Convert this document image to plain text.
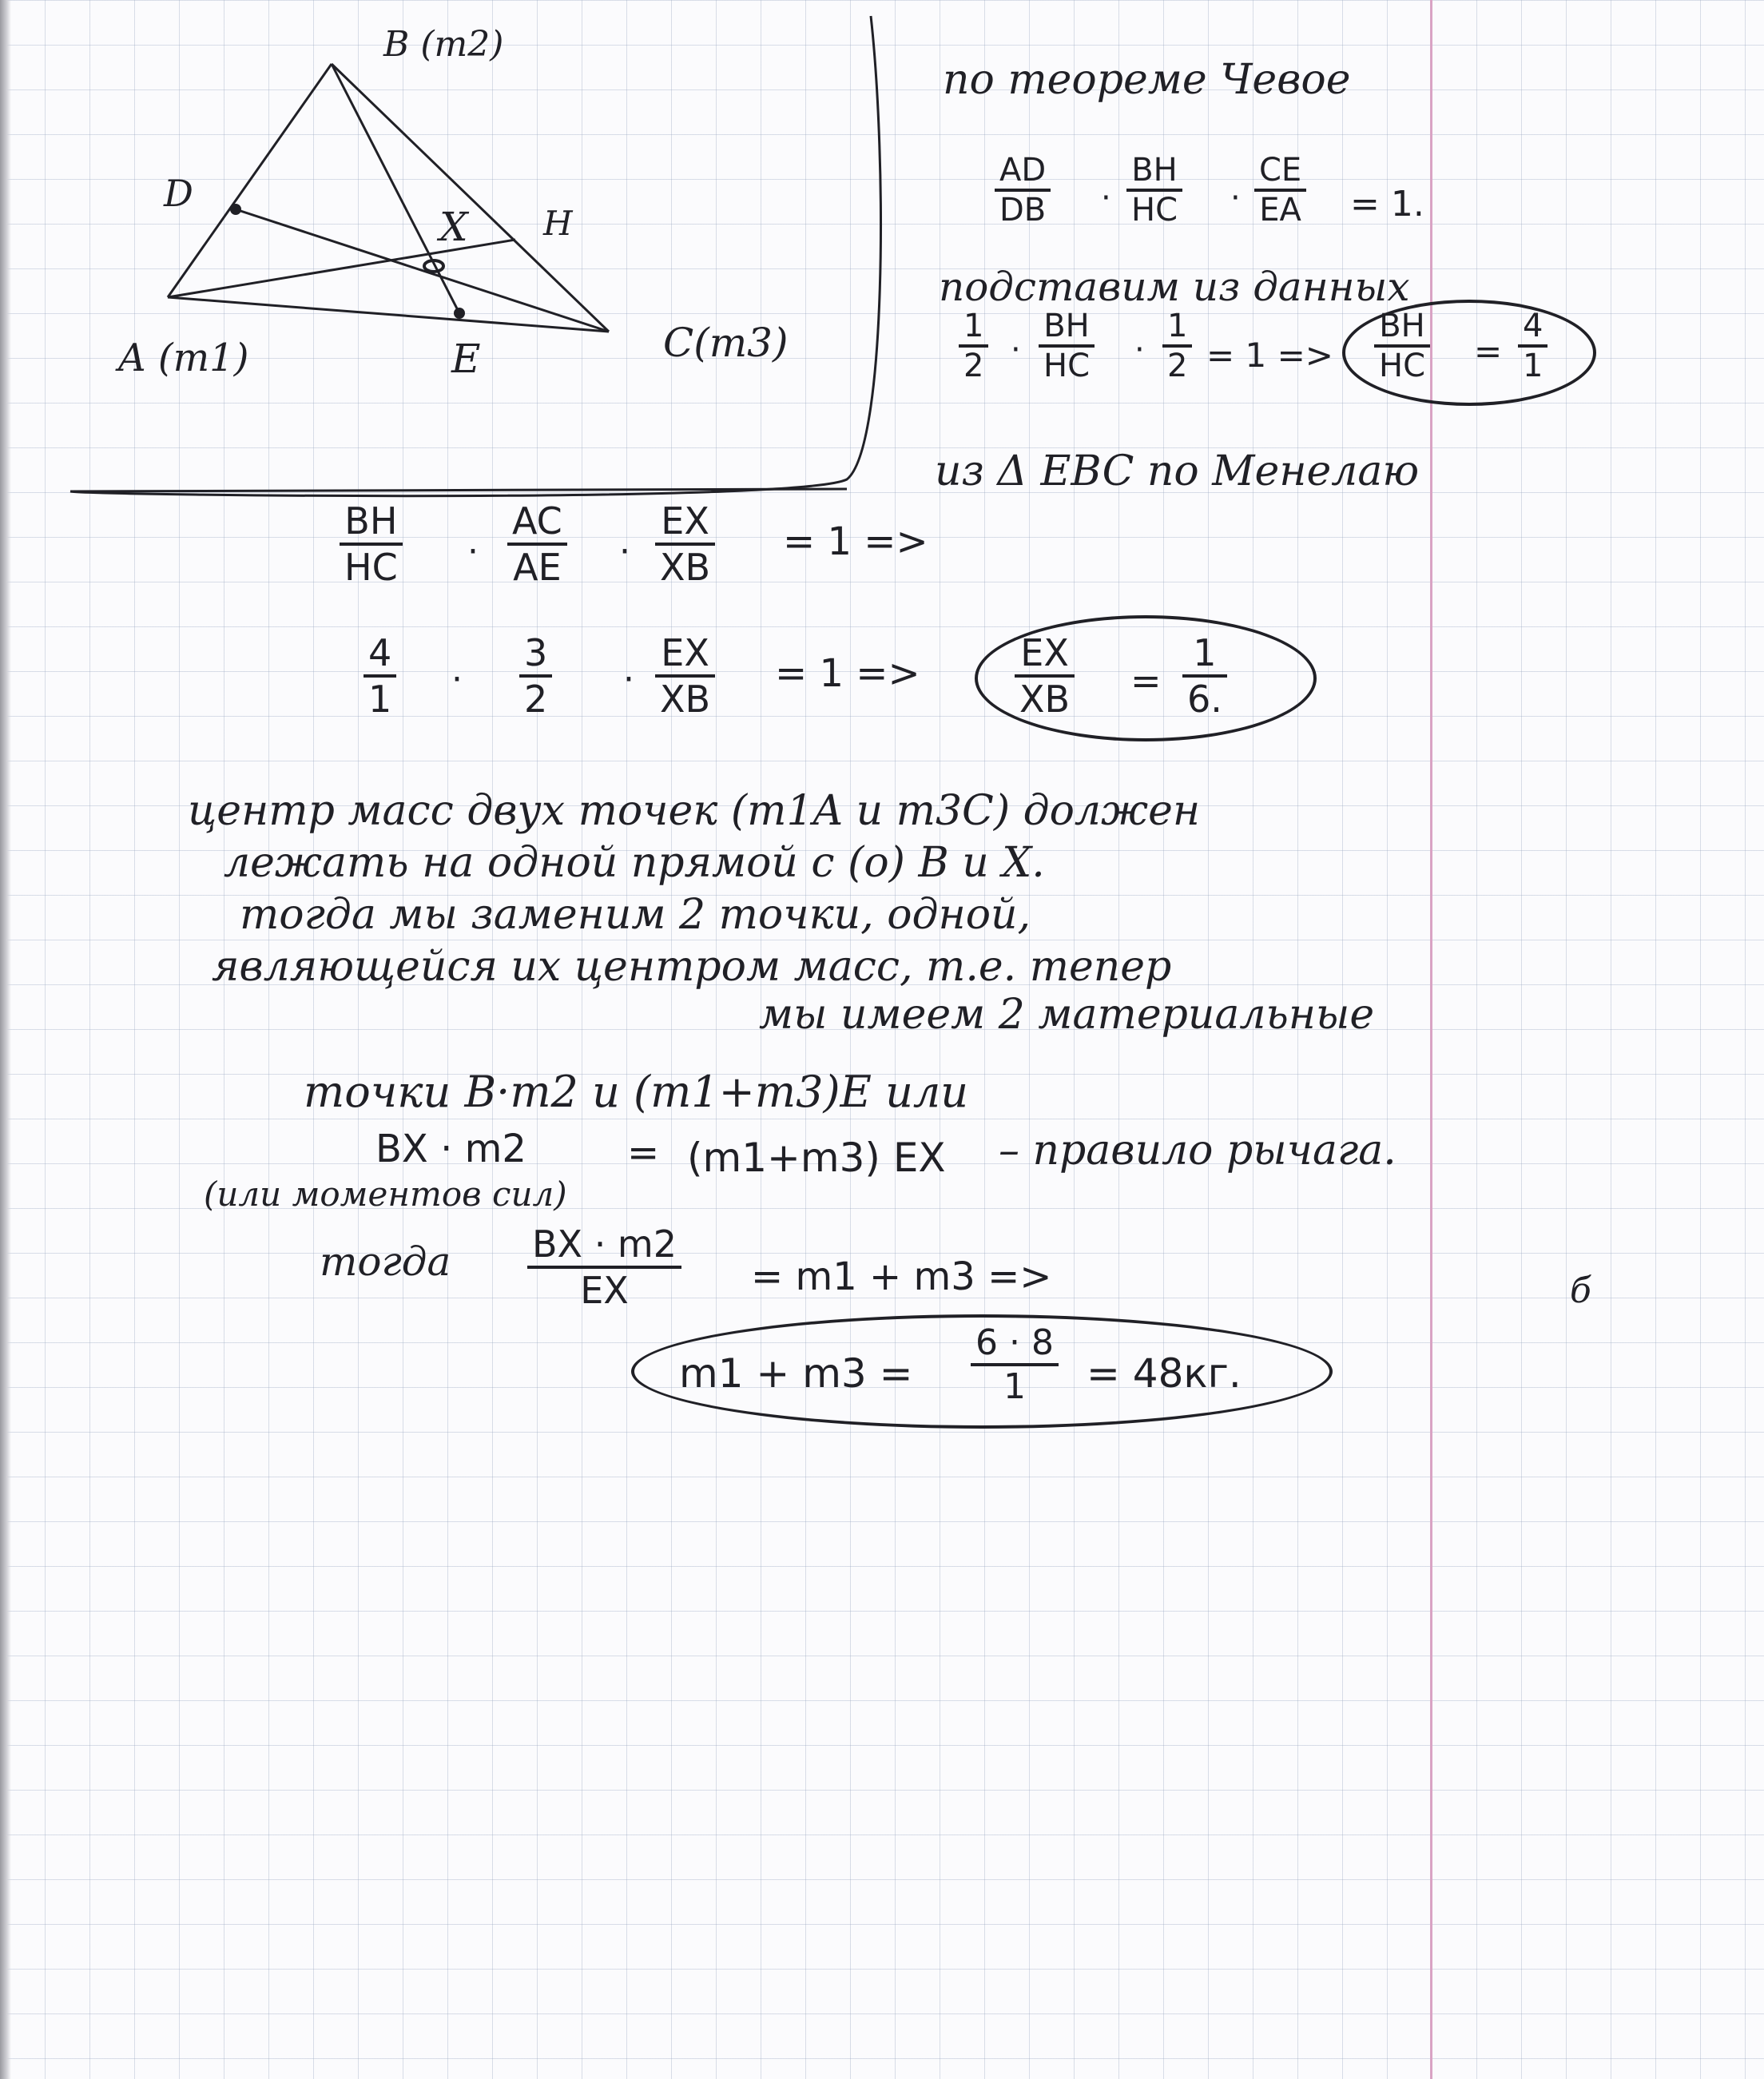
B (m2)
D
X H
A (m1)	E	C(m3)
по теореме Чевое
$\frac{AD}{DB} \cdot \frac{BH}{HC} \cdot \frac{CE}{EA} = 1$.
подставим из данных
$\frac{1}{2} \cdot \frac{BH}{HC} \cdot \frac{1}{2} = 1 => \frac{BH}{HC} = \frac{4}{1}$
из Δ EBC по Менелаю
$\frac{BH}{HC} \cdot \frac{AC}{AE} \cdot \frac{EX}{XB} = 1$ =>
$\frac{4}{1} \cdot \frac{3}{2} \cdot \frac{EX}{XB} = 1$ =>	$\frac{EX}{XB} = \frac{1}{6.}$
центр масс двух точек (m1A и m3C) должен
лежать на одной прямой с (о) B и X.
тогда мы заменим 2 точки, одной,
являющейся их центром масс, т.е. тепер
мы имеем 2 материальные
точки B·m2 и (m1+m3)E или
BX · m2	= (m1+m3) EX – правило рычага.
(или моментов сил)
тогда $\frac{BX \cdot m2}{EX} = m1 + m3$ =>
$m1 + m3 = \frac{6 \cdot 8}{1} = 48кг$.
б
